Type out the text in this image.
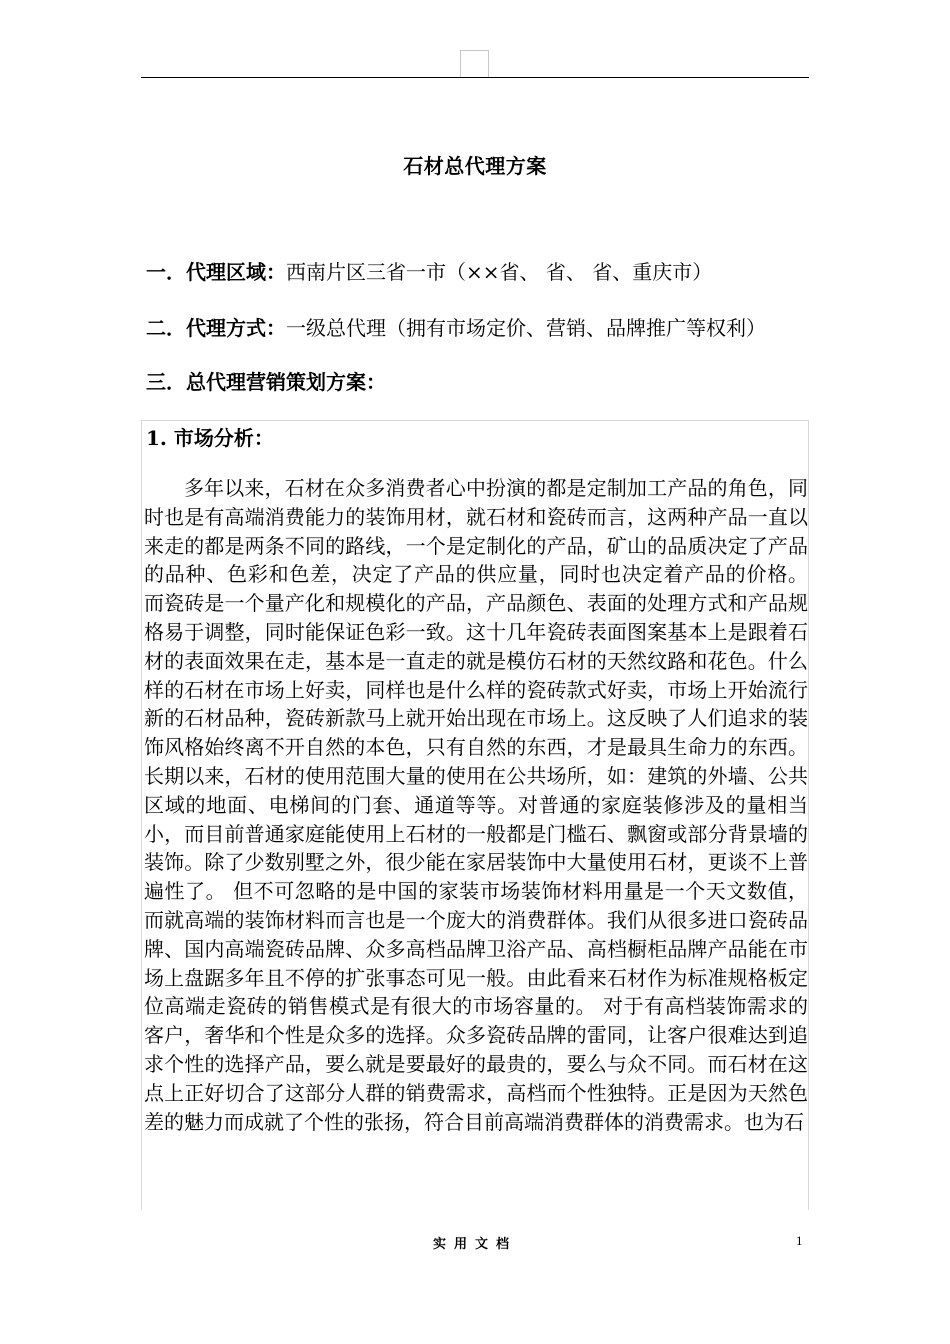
石材总代理方案
一．代理区域：西南片区三省一市（××省、 省、 省、重庆市）
二．代理方式：一级总代理（拥有市场定价、营销、品牌推广等权利）
三．总代理营销策划方案：
1. 市场分析：

多年以来，石材在众多消费者心中扮演的都是定制加工产品的角色，同时也是有高端消费能力的装饰用材，就石材和瓷砖而言，这两种产品一直以来走的都是两条不同的路线，一个是定制化的产品，矿山的品质决定了产品的品种、色彩和色差，决定了产品的供应量，同时也决定着产品的价格。 而瓷砖是一个量产化和规模化的产品，产品颜色、表面的处理方式和产品规格易于调整，同时能保证色彩一致。这十几年瓷砖表面图案基本上是跟着石材的表面效果在走，基本是一直走的就是模仿石材的天然纹路和花色。什么样的石材在市场上好卖，同样也是什么样的瓷砖款式好卖，市场上开始流行新的石材品种，瓷砖新款马上就开始出现在市场上。这反映了人们追求的装饰风格始终离不开自然的本色，只有自然的东西，才是最具生命力的东西。 长期以来，石材的使用范围大量的使用在公共场所，如：建筑的外墙、公共区域的地面、电梯间的门套、通道等等。对普通的家庭装修涉及的量相当小，而目前普通家庭能使用上石材的一般都是门槛石、飘窗或部分背景墙的装饰。除了少数别墅之外，很少能在家居装饰中大量使用石材，更谈不上普遍性了。 但不可忽略的是中国的家装市场装饰材料用量是一个天文数值，而就高端的装饰材料而言也是一个庞大的消费群体。我们从很多进口瓷砖品牌、国内高端瓷砖品牌、众多高档品牌卫浴产品、高档橱柜品牌产品能在市场上盘踞多年且不停的扩张事态可见一般。由此看来石材作为标准规格板定位高端走瓷砖的销售模式是有很大的市场容量的。 对于有高档装饰需求的客户，奢华和个性是众多的选择。众多瓷砖品牌的雷同，让客户很难达到追求个性的选择产品，要么就是要最好的最贵的，要么与众不同。而石材在这点上正好切合了这部分人群的销费需求，高档而个性独特。正是因为天然色差的魅力而成就了个性的张扬，符合目前高端消费群体的消费需求。也为石

实用文档	1
